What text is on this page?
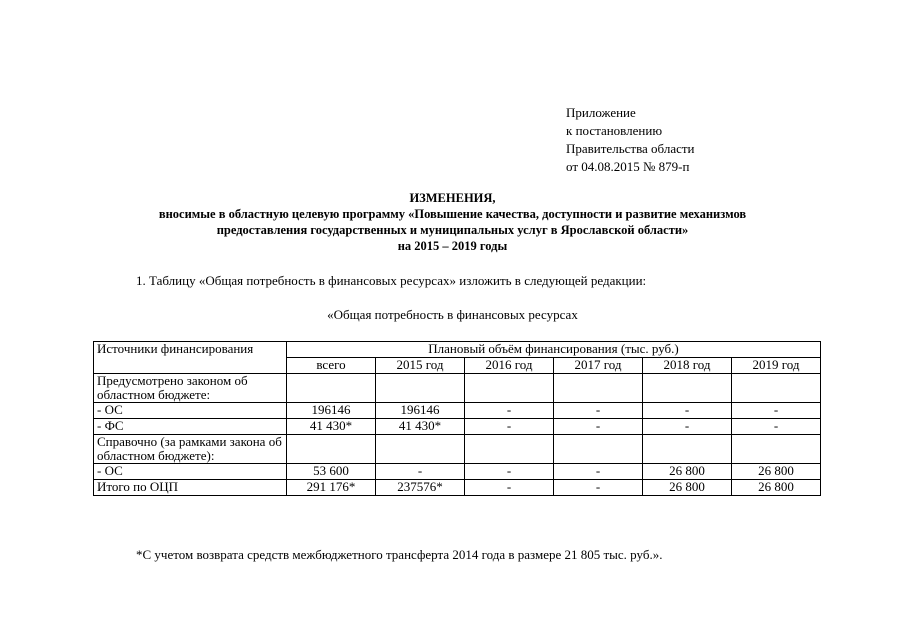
Приложение
к постановлению
Правительства области
от 04.08.2015 № 879-п
ИЗМЕНЕНИЯ,
вносимые в областную целевую программу «Повышение качества, доступности и развитие механизмов
предоставления государственных и муниципальных услуг в Ярославской области»
на 2015 – 2019 годы
1. Таблицу «Общая потребность в финансовых ресурсах» изложить в следующей редакции:
«Общая потребность в финансовых ресурсах
Источники финансирования	Плановый объём финансирования (тыс. руб.)					
	всего	2015 год	2016 год	2017 год	2018 год	2019 год
Предусмотрено законом об областном бюджете:						
- ОС	196146	196146	-	-	-	-
- ФС	41 430*	41 430*	-	-	-	-
Справочно (за рамками закона об областном бюджете):						
- ОС	53 600	-	-	-	26 800	26 800
Итого по ОЦП	291 176*	237576*	-	-	26 800	26 800
*С учетом возврата средств межбюджетного трансферта 2014 года в размере 21 805 тыс. руб.».
